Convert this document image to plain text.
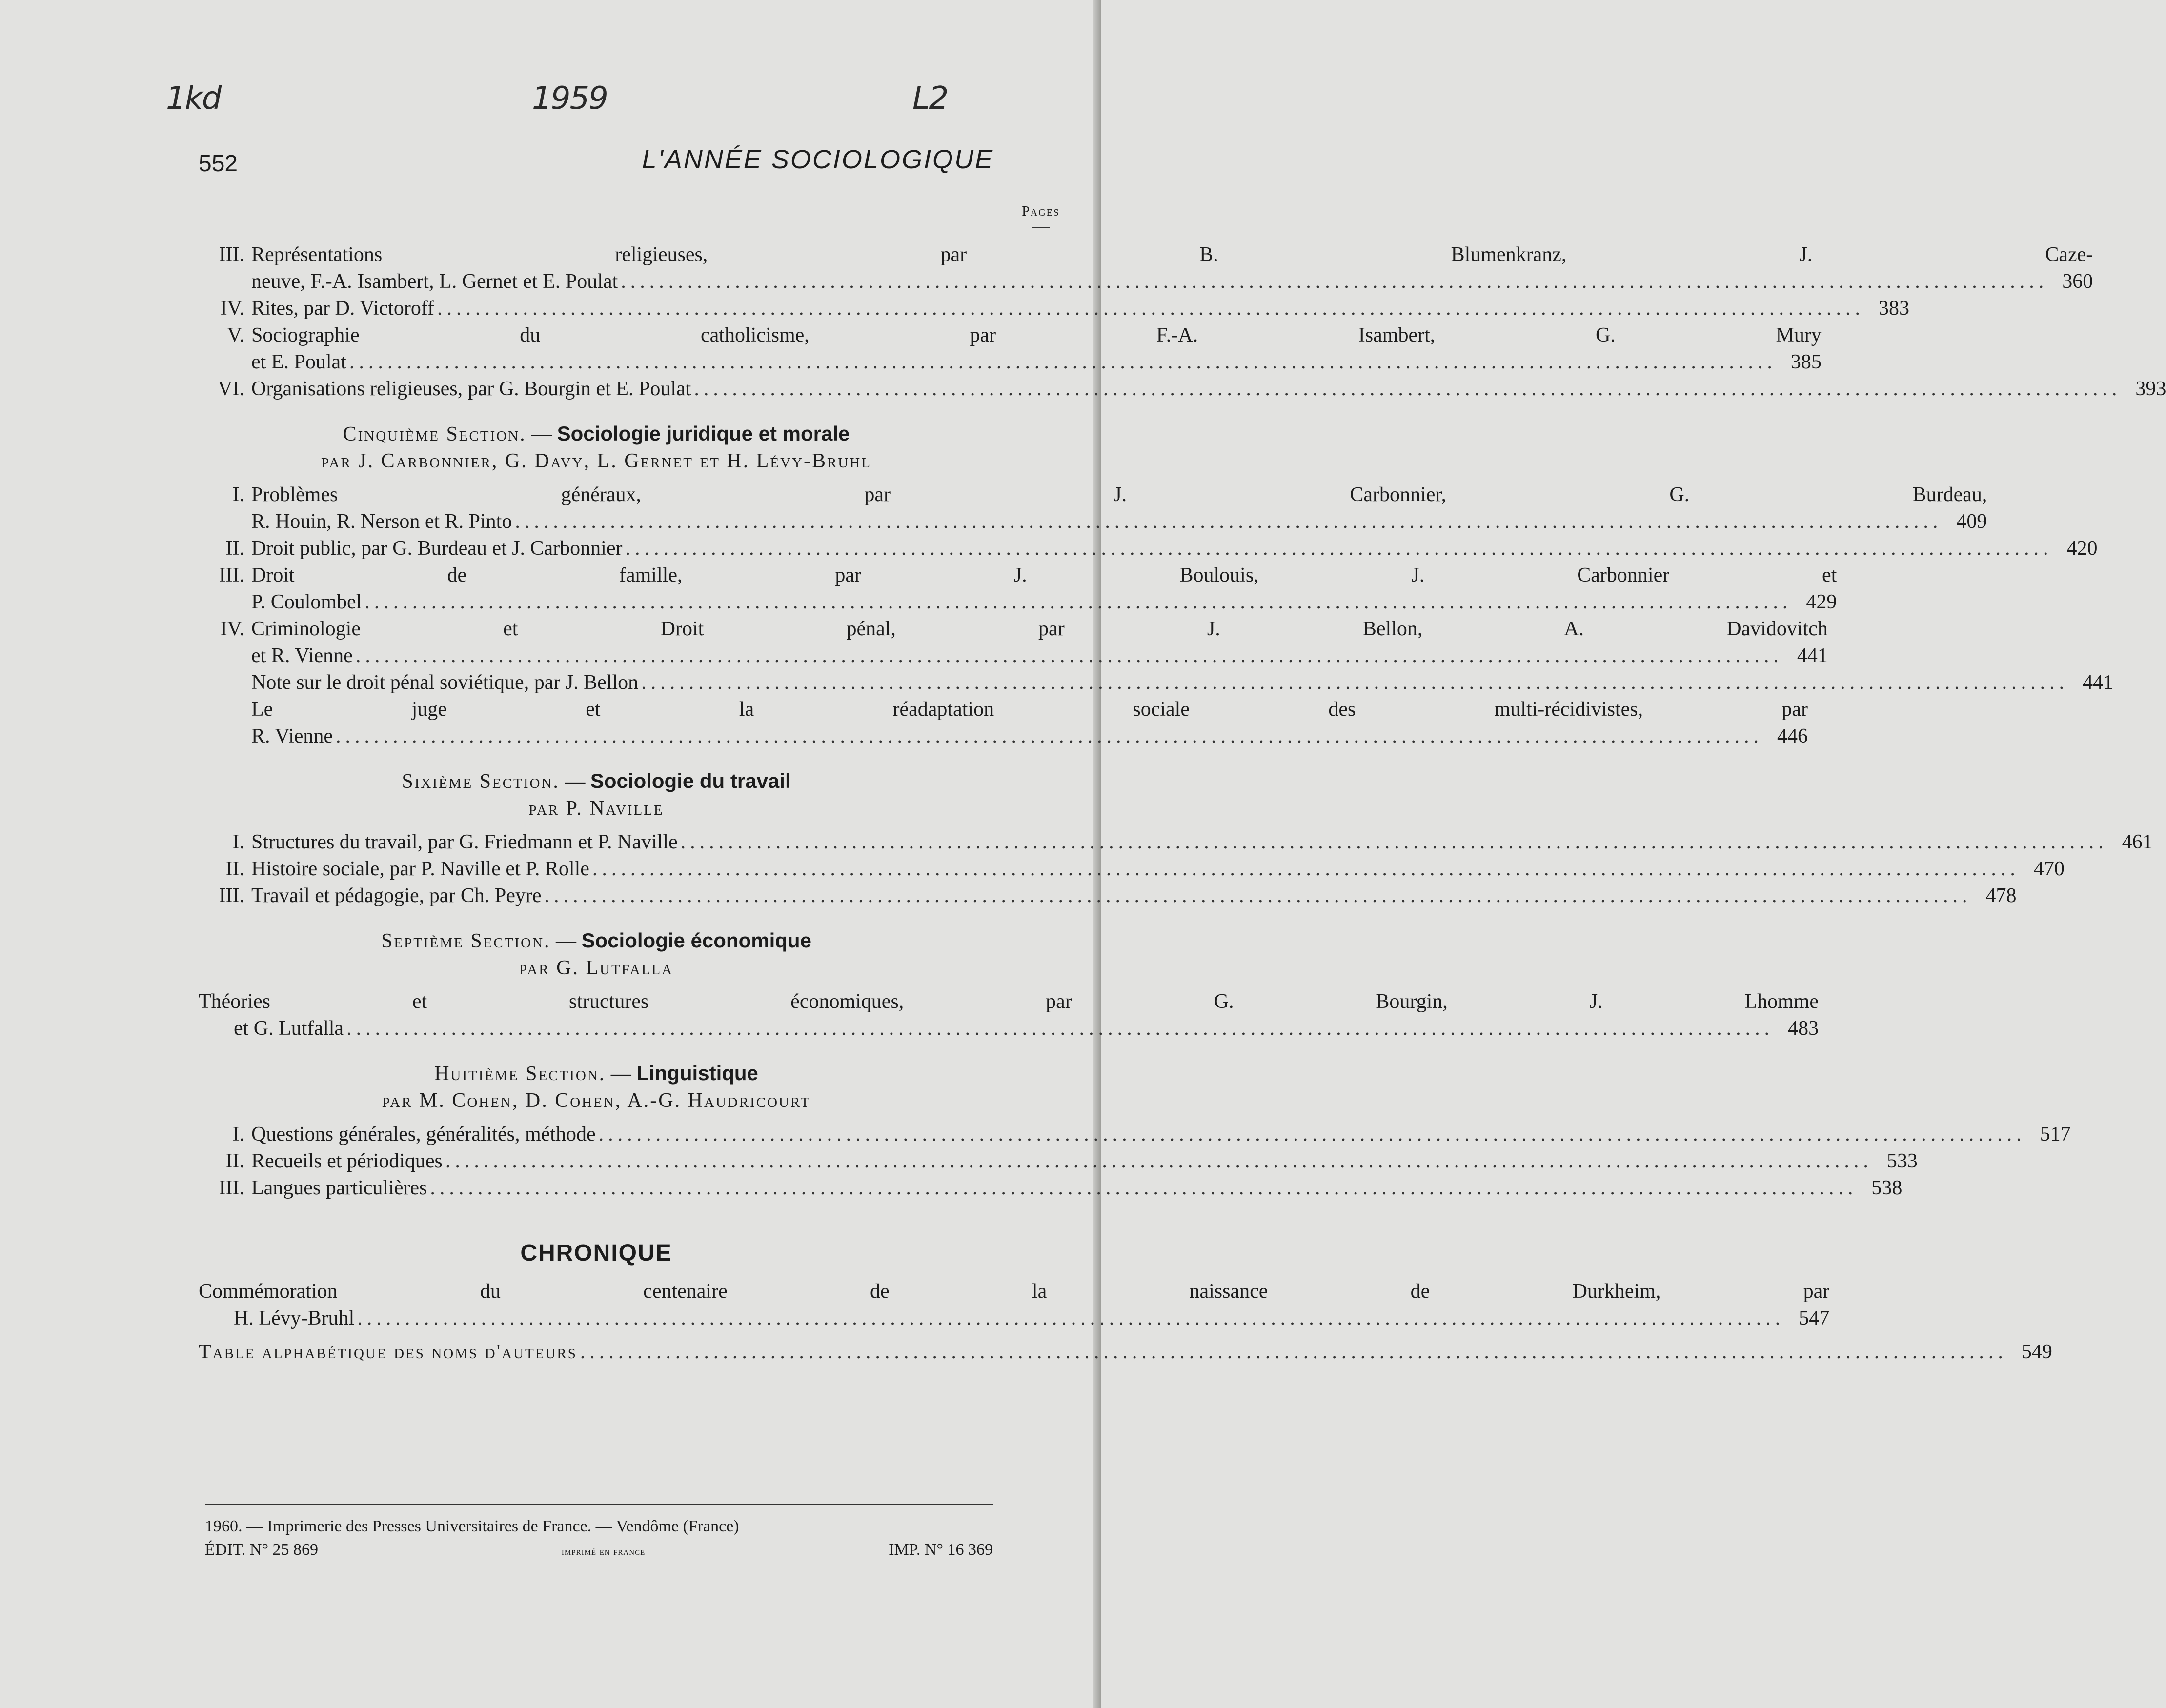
1kd	1959	L2
552	L'ANNÉE SOCIOLOGIQUE
Pages
III. Représentations religieuses, par B. Blumenkranz, J. Caze-
neuve, F.-A. Isambert, L. Gernet et E. Poulat .....	360
IV. Rites, par D. Victoroff .....	383
V. Sociographie du catholicisme, par F.-A. Isambert, G. Mury
et E. Poulat .....	385
VI. Organisations religieuses, par G. Bourgin et E. Poulat .....	393
Cinquième Section. — Sociologie juridique et morale
par J. Carbonnier, G. Davy, L. Gernet et H. Lévy-Bruhl
I. Problèmes généraux, par J. Carbonnier, G. Burdeau,
R. Houin, R. Nerson et R. Pinto .....	409
II. Droit public, par G. Burdeau et J. Carbonnier .....	420
III. Droit de famille, par J. Boulouis, J. Carbonnier et
P. Coulombel .....	429
IV. Criminologie et Droit pénal, par J. Bellon, A. Davidovitch
et R. Vienne .....	441
Note sur le droit pénal soviétique, par J. Bellon .....	441
Le juge et la réadaptation sociale des multi-récidivistes, par
R. Vienne .....	446
Sixième Section. — Sociologie du travail
par P. Naville
I. Structures du travail, par G. Friedmann et P. Naville .....	461
II. Histoire sociale, par P. Naville et P. Rolle .....	470
III. Travail et pédagogie, par Ch. Peyre .....	478
Septième Section. — Sociologie économique
par G. Lutfalla
Théories et structures économiques, par G. Bourgin, J. Lhomme
et G. Lutfalla .....	483
Huitième Section. — Linguistique
par M. Cohen, D. Cohen, A.-G. Haudricourt
I. Questions générales, généralités, méthode .....	517
II. Recueils et périodiques .....	533
III. Langues particulières .....	538
CHRONIQUE
Commémoration du centenaire de la naissance de Durkheim, par
H. Lévy-Bruhl .....	547
Table alphabétique des noms d'auteurs .....	549
1960. — Imprimerie des Presses Universitaires de France. — Vendôme (France)
ÉDIT. N° 25 869	imprimé en france	IMP. N° 16 369
